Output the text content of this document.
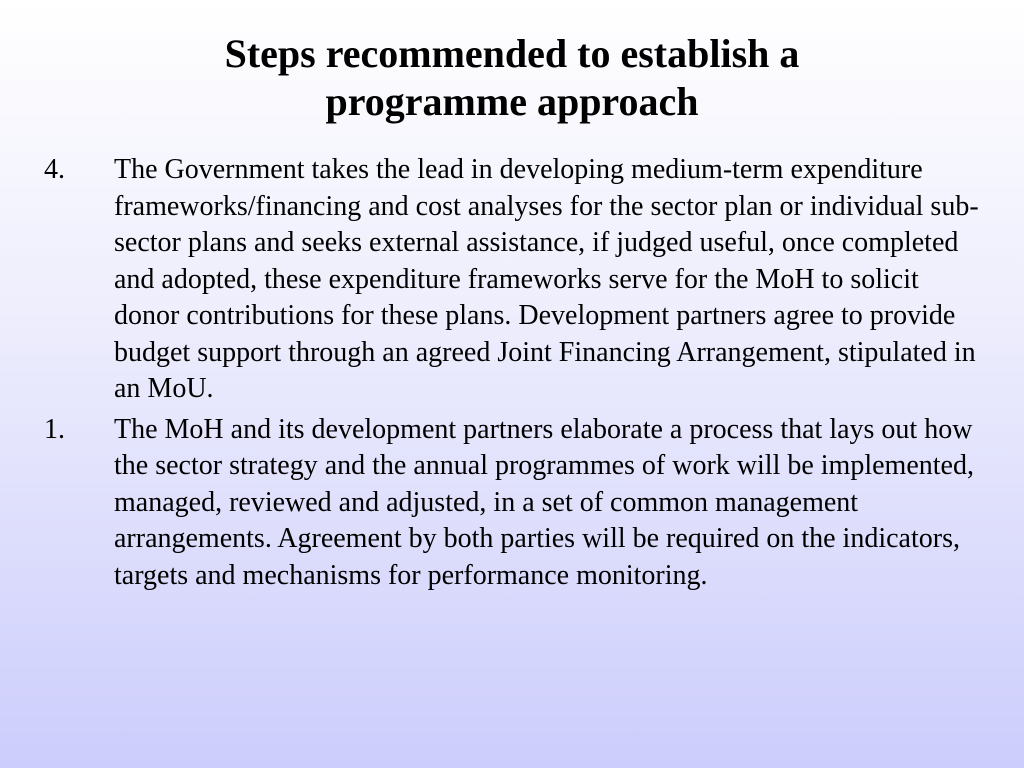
Steps recommended to establish a
programme approach
4. The Government takes the lead in developing medium-term expenditure frameworks/financing and cost analyses for the sector plan or individual sub-sector plans and seeks external assistance, if judged useful, once completed and adopted, these expenditure frameworks serve for the MoH to solicit donor contributions for these plans. Development partners agree to provide budget support through an agreed Joint Financing Arrangement, stipulated in an MoU.
1. The MoH and its development partners elaborate a process that lays out how the sector strategy and the annual programmes of work will be implemented, managed, reviewed and adjusted, in a set of common management arrangements. Agreement by both parties will be required on the indicators, targets and mechanisms for performance monitoring.
